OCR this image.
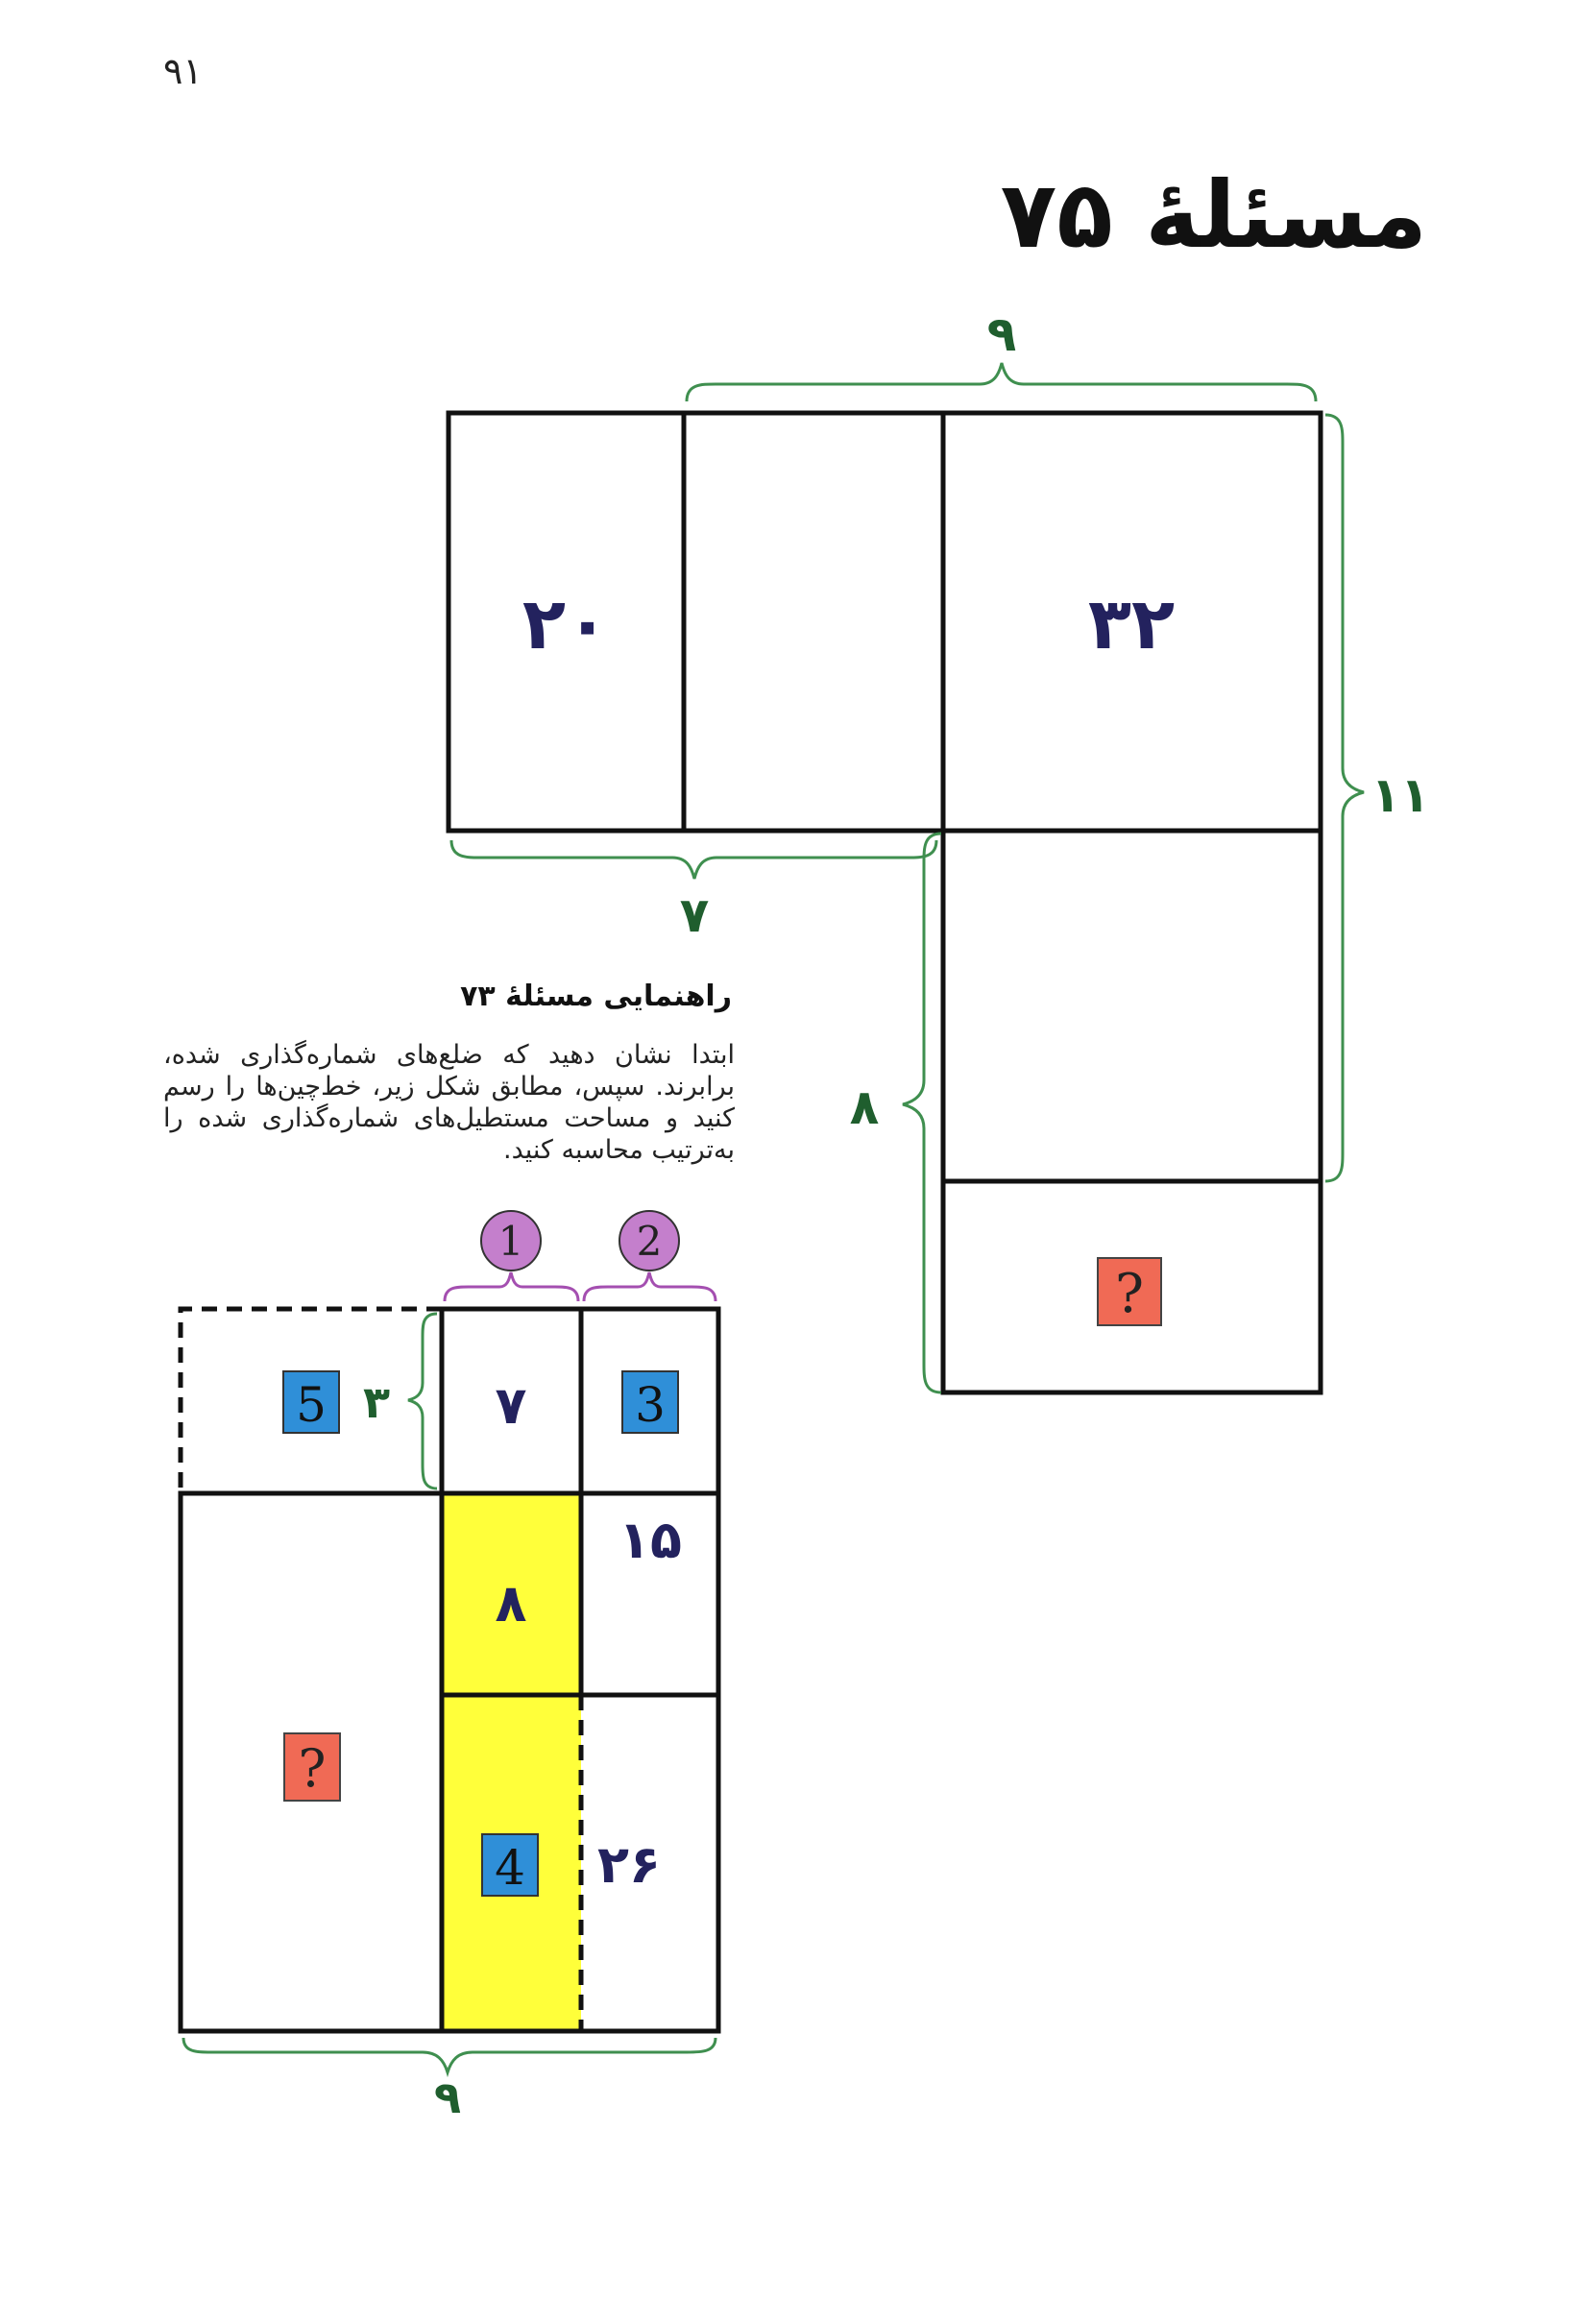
۹۱
مسئلهٔ ۷۵
۲۰	۳۲
?
۹
۱۱
۷
۸
1	2
5	3
4
?
۳ ۷
۱۵
۸
۲۶
۹
راهنمایی مسئلهٔ ۷۳
ابتدا نشان دهید که ضلع‌های شماره‌گذاری شده، برابرند. سپس، مطابق شکل زیر، خط‌چین‌ها را رسم کنید و مساحت مستطیل‌های شماره‌گذاری شده را به‌ترتیب محاسبه کنید.
